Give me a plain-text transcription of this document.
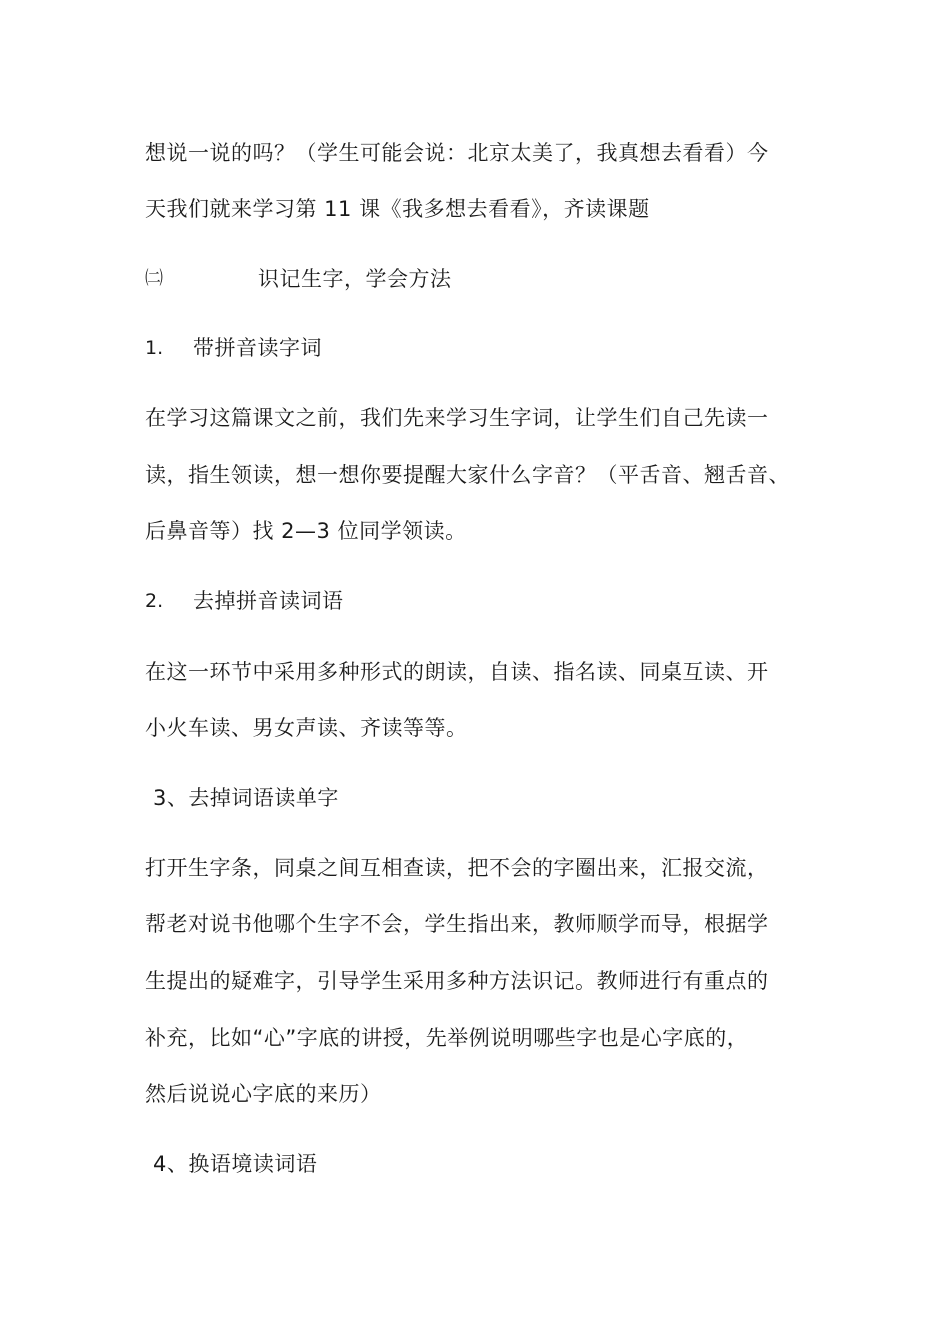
想说一说的吗？（学生可能会说：北京太美了，我真想去看看）今
天我们就来学习第 11 课《我多想去看看》，齐读课题
㈡	识记生字，学会方法
1. 带拼音读字词
在学习这篇课文之前，我们先来学习生字词，让学生们自己先读一
读，指生领读，想一想你要提醒大家什么字音？（平舌音、翘舌音、
后鼻音等）找 2—3 位同学领读。
2. 去掉拼音读词语
在这一环节中采用多种形式的朗读，自读、指名读、同桌互读、开
小火车读、男女声读、齐读等等。
3、去掉词语读单字
打开生字条，同桌之间互相查读，把不会的字圈出来，汇报交流，
帮老对说书他哪个生字不会，学生指出来，教师顺学而导，根据学
生提出的疑难字，引导学生采用多种方法识记。教师进行有重点的
补充，比如“心”字底的讲授，先举例说明哪些字也是心字底的，
然后说说心字底的来历）
4、换语境读词语
